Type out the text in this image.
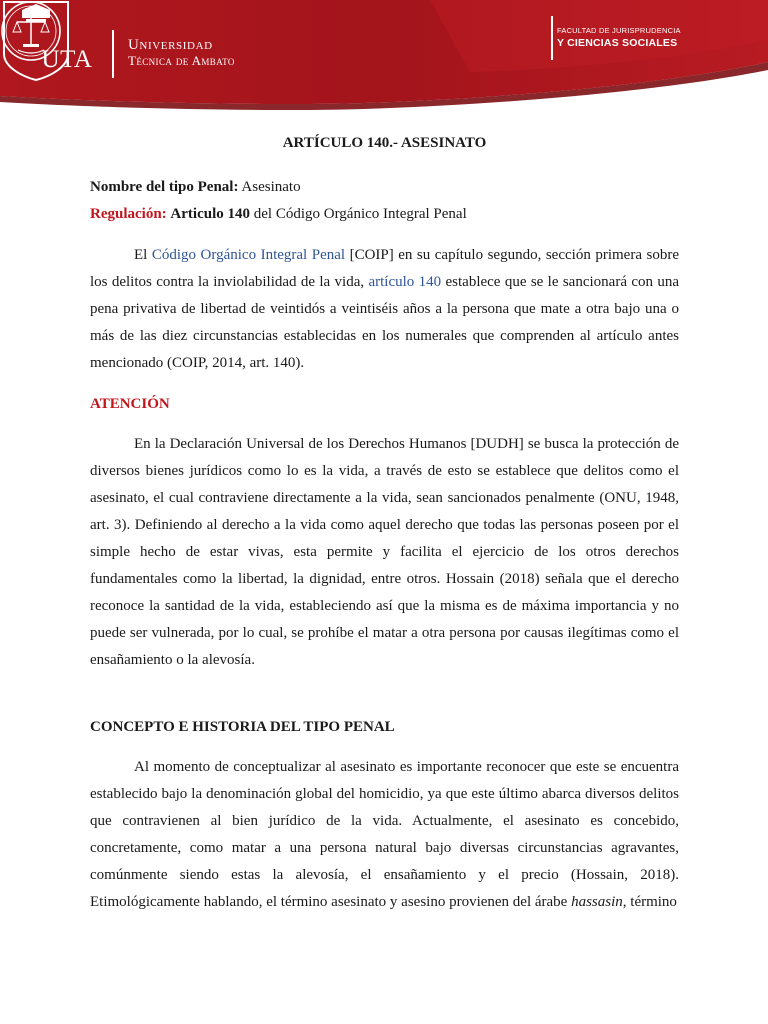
UTA
Universidad
Técnica de Ambato
FJCS
FACULTAD DE JURISPRUDENCIA
Y CIENCIAS SOCIALES
ARTÍCULO 140.- ASESINATO
Nombre del tipo Penal: Asesinato
Regulación: Articulo 140 del Código Orgánico Integral Penal

El Código Orgánico Integral Penal [COIP] en su capítulo segundo, sección primera sobre los delitos contra la inviolabilidad de la vida, artículo 140 establece que se le sancionará con una pena privativa de libertad de veintidós a veintiséis años a la persona que mate a otra bajo una o más de las diez circunstancias establecidas en los numerales que comprenden al artículo antes mencionado (COIP, 2014, art. 140).

ATENCIÓN

En la Declaración Universal de los Derechos Humanos [DUDH] se busca la protección de diversos bienes jurídicos como lo es la vida, a través de esto se establece que delitos como el asesinato, el cual contraviene directamente a la vida, sean sancionados penalmente (ONU, 1948, art. 3). Definiendo al derecho a la vida como aquel derecho que todas las personas poseen por el simple hecho de estar vivas, esta permite y facilita el ejercicio de los otros derechos fundamentales como la libertad, la dignidad, entre otros. Hossain (2018) señala que el derecho reconoce la santidad de la vida, estableciendo así que la misma es de máxima importancia y no puede ser vulnerada, por lo cual, se prohíbe el matar a otra persona por causas ilegítimas como el ensañamiento o la alevosía.

CONCEPTO E HISTORIA DEL TIPO PENAL

Al momento de conceptualizar al asesinato es importante reconocer que este se encuentra establecido bajo la denominación global del homicidio, ya que este último abarca diversos delitos que contravienen al bien jurídico de la vida. Actualmente, el asesinato es concebido, concretamente, como matar a una persona natural bajo diversas circunstancias agravantes, comúnmente siendo estas la alevosía, el ensañamiento y el precio (Hossain, 2018). Etimológicamente hablando, el término asesinato y asesino provienen del árabe hassasin, término
